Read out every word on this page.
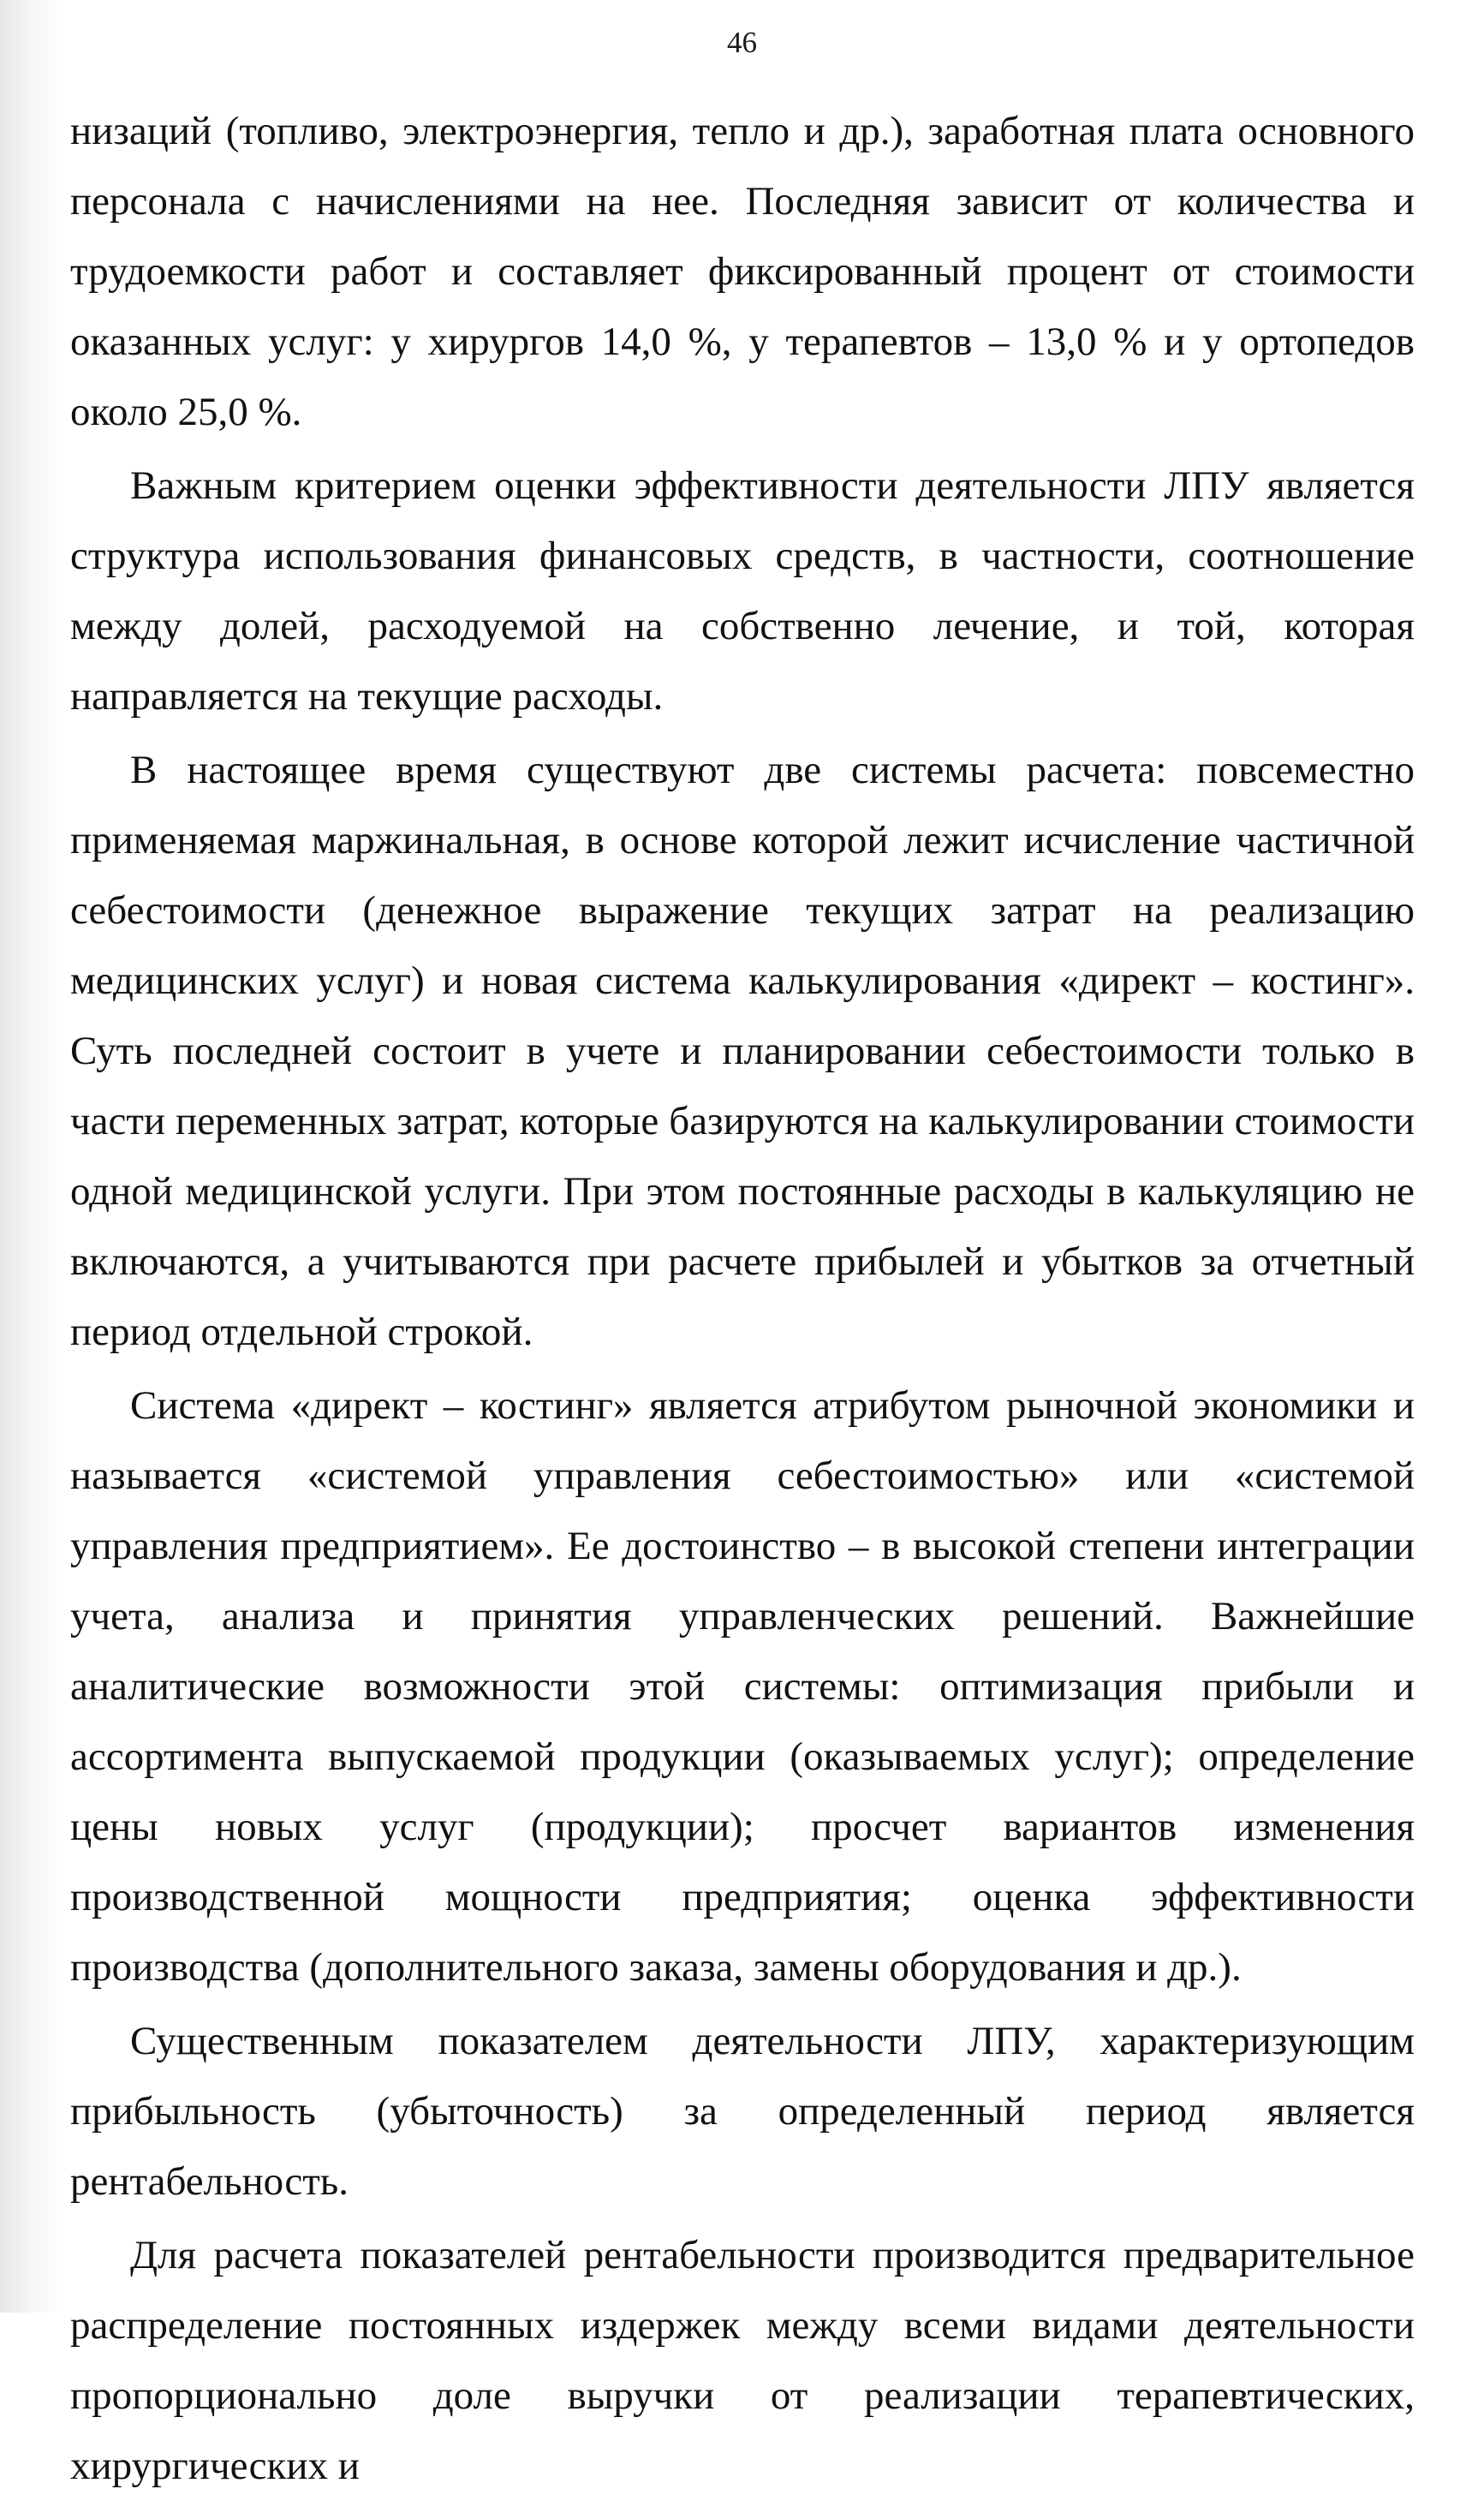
46

низаций (топливо, электроэнергия, тепло и др.), заработная плата основного персонала с начислениями на нее. Последняя зависит от количества и трудоемкости работ и составляет фиксированный процент от стоимости оказанных услуг: у хирургов 14,0 %, у терапевтов – 13,0 % и у ортопедов около 25,0 %.

Важным критерием оценки эффективности деятельности ЛПУ является структура использования финансовых средств, в частности, соотношение между долей, расходуемой на собственно лечение, и той, которая направляется на текущие расходы.

В настоящее время существуют две системы расчета: повсеместно применяемая маржинальная, в основе которой лежит исчисление частичной себестоимости (денежное выражение текущих затрат на реализацию медицинских услуг) и новая система калькулирования «директ – костинг». Суть последней состоит в учете и планировании себестоимости только в части переменных затрат, которые базируются на калькулировании стоимости одной медицинской услуги. При этом постоянные расходы в калькуляцию не включаются, а учитываются при расчете прибылей и убытков за отчетный период отдельной строкой.

Система «директ – костинг» является атрибутом рыночной экономики и называется «системой управления себестоимостью» или «системой управления предприятием». Ее достоинство – в высокой степени интеграции учета, анализа и принятия управленческих решений. Важнейшие аналитические возможности этой системы: оптимизация прибыли и ассортимента выпускаемой продукции (оказываемых услуг); определение цены новых услуг (продукции); просчет вариантов изменения производственной мощности предприятия; оценка эффективности производства (дополнительного заказа, замены оборудования и др.).

Существенным показателем деятельности ЛПУ, характеризующим прибыльность (убыточность) за определенный период является рентабельность.

Для расчета показателей рентабельности производится предварительное распределение постоянных издержек между всеми видами деятельности пропорционально доле выручки от реализации терапевтических, хирургических и
